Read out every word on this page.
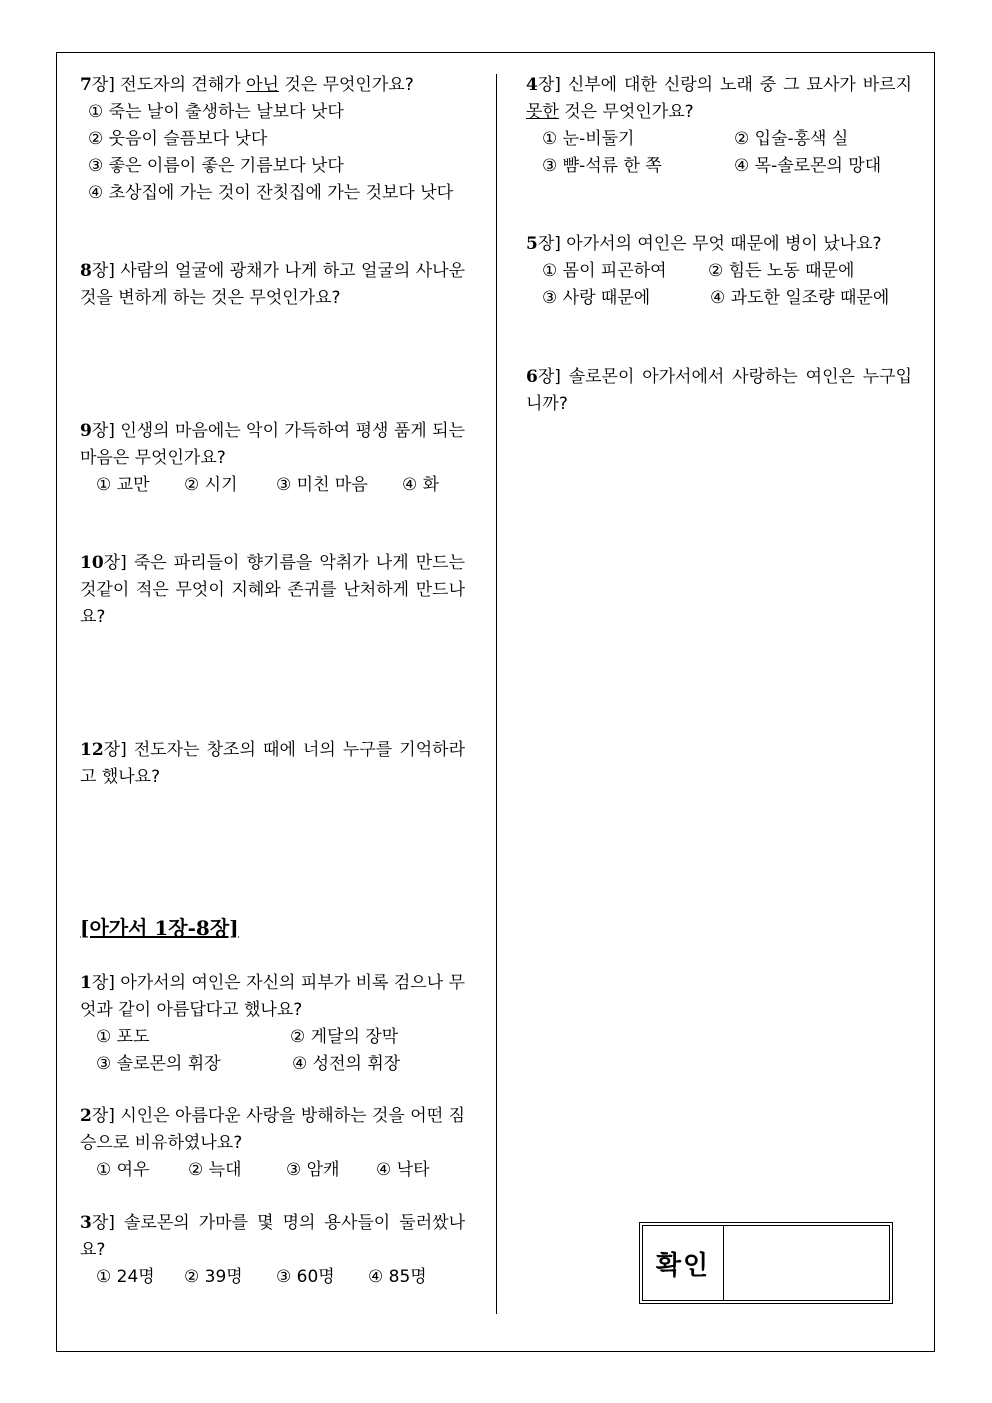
7장] 전도자의 견해가 아닌 것은 무엇인가요?
① 죽는 날이 출생하는 날보다 낫다
② 웃음이 슬픔보다 낫다
③ 좋은 이름이 좋은 기름보다 낫다
④ 초상집에 가는 것이 잔칫집에 가는 것보다 낫다
8장] 사람의 얼굴에 광채가 나게 하고 얼굴의 사나운 것을 변하게 하는 것은 무엇인가요?
9장] 인생의 마음에는 악이 가득하여 평생 품게 되는 마음은 무엇인가요?
① 교만 ② 시기 ③ 미친 마음 ④ 화
10장] 죽은 파리들이 향기름을 악취가 나게 만드는 것같이 적은 무엇이 지혜와 존귀를 난처하게 만드나요?
12장] 전도자는 창조의 때에 너의 누구를 기억하라고 했나요?
[아가서 1장-8장]
1장] 아가서의 여인은 자신의 피부가 비록 검으나 무엇과 같이 아름답다고 했나요?
① 포도	② 게달의 장막
③ 솔로몬의 휘장	④ 성전의 휘장
2장] 시인은 아름다운 사랑을 방해하는 것을 어떤 짐승으로 비유하였나요?
① 여우 ② 늑대	③ 암캐 ④ 낙타
3장] 솔로몬의 가마를 몇 명의 용사들이 둘러쌌나요?
① 24명 ② 39명 ③ 60명 ④ 85명
4장] 신부에 대한 신랑의 노래 중 그 묘사가 바르지 못한 것은 무엇인가요?
① 눈-비둘기	② 입술-홍색 실
③ 뺨-석류 한 쪽	④ 목-솔로몬의 망대
5장] 아가서의 여인은 무엇 때문에 병이 났나요?
① 몸이 피곤하여 ② 힘든 노동 때문에
③ 사랑 때문에	④ 과도한 일조량 때문에
6장] 솔로몬이 아가서에서 사랑하는 여인은 누구입니까?
확인
